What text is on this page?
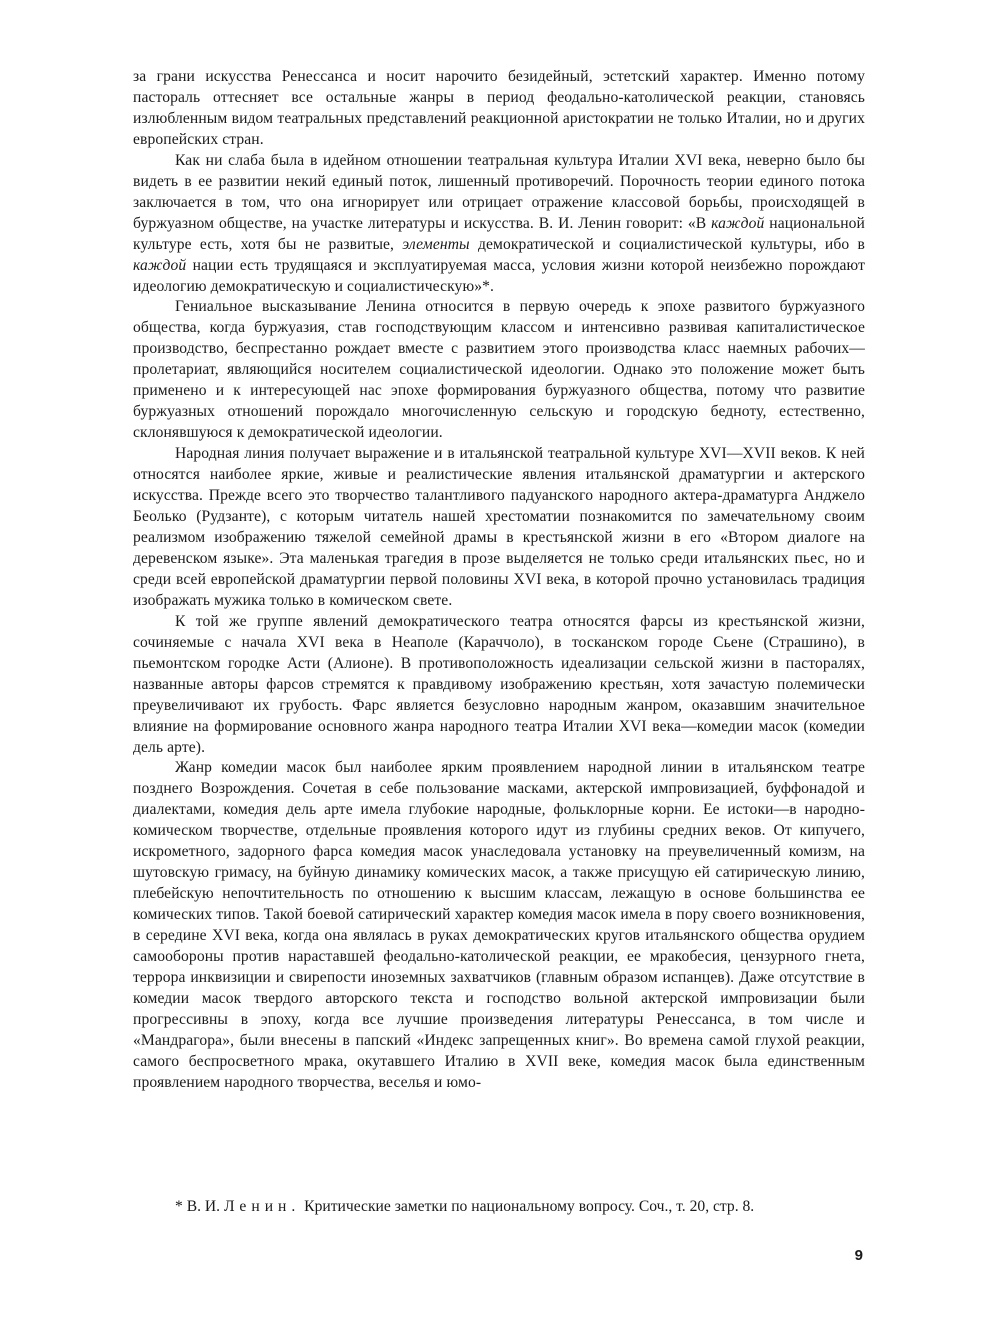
за грани искусства Ренессанса и носит нарочито безидейный, эстетский характер. Именно потому пастораль оттесняет все остальные жанры в период феодально-католической реакции, становясь излюбленным видом театральных представлений реакционной аристократии не только Италии, но и других европейских стран.

Как ни слаба была в идейном отношении театральная культура Италии XVI века, неверно было бы видеть в ее развитии некий единый поток, лишенный противоречий. Порочность теории единого потока заключается в том, что она игнорирует или отрицает отражение классовой борьбы, происходящей в буржуазном обществе, на участке литературы и искусства. В. И. Ленин говорит: «В каждой национальной культуре есть, хотя бы не развитые, элементы демократической и социалистической культуры, ибо в каждой нации есть трудящаяся и эксплуатируемая масса, условия жизни которой неизбежно порождают идеологию демократическую и социалистическую»*.

Гениальное высказывание Ленина относится в первую очередь к эпохе развитого буржуазного общества, когда буржуазия, став господствующим классом и интенсивно развивая капиталистическое производство, беспрестанно рождает вместе с развитием этого производства класс наемных рабочих—пролетариат, являющийся носителем социалистической идеологии. Однако это положение может быть применено и к интересующей нас эпохе формирования буржуазного общества, потому что развитие буржуазных отношений порождало многочисленную сельскую и городскую бедноту, естественно, склонявшуюся к демократической идеологии.

Народная линия получает выражение и в итальянской театральной культуре XVI—XVII веков. К ней относятся наиболее яркие, живые и реалистические явления итальянской драматургии и актерского искусства. Прежде всего это творчество талантливого падуанского народного актера-драматурга Анджело Беолько (Рудзанте), с которым читатель нашей хрестоматии познакомится по замечательному своим реализмом изображению тяжелой семейной драмы в крестьянской жизни в его «Втором диалоге на деревенском языке». Эта маленькая трагедия в прозе выделяется не только среди итальянских пьес, но и среди всей европейской драматургии первой половины XVI века, в которой прочно установилась традиция изображать мужика только в комическом свете.

К той же группе явлений демократического театра относятся фарсы из крестьянской жизни, сочиняемые с начала XVI века в Неаполе (Караччоло), в тосканском городе Сьене (Страшино), в пьемонтском городке Асти (Алионе). В противоположность идеализации сельской жизни в пасторалях, названные авторы фарсов стремятся к правдивому изображению крестьян, хотя зачастую полемически преувеличивают их грубость. Фарс является безусловно народным жанром, оказавшим значительное влияние на формирование основного жанра народного театра Италии XVI века—комедии масок (комедии дель арте).

Жанр комедии масок был наиболее ярким проявлением народной линии в итальянском театре позднего Возрождения. Сочетая в себе пользование масками, актерской импровизацией, буффонадой и диалектами, комедия дель арте имела глубокие народные, фольклорные корни. Ее истоки—в народно-комическом творчестве, отдельные проявления которого идут из глубины средних веков. От кипучего, искрометного, задорного фарса комедия масок унаследовала установку на преувеличенный комизм, на шутовскую гримасу, на буйную динамику комических масок, а также присущую ей сатирическую линию, плебейскую непочтительность по отношению к высшим классам, лежащую в основе большинства ее комических типов. Такой боевой сатирический характер комедия масок имела в пору своего возникновения, в середине XVI века, когда она являлась в руках демократических кругов итальянского общества орудием самообороны против нараставшей феодально-католической реакции, ее мракобесия, цензурного гнета, террора инквизиции и свирепости иноземных захватчиков (главным образом испанцев). Даже отсутствие в комедии масок твердого авторского текста и господство вольной актерской импровизации были прогрессивны в эпоху, когда все лучшие произведения литературы Ренессанса, в том числе и «Мандрагора», были внесены в папский «Индекс запрещенных книг». Во времена самой глухой реакции, самого беспросветного мрака, окутавшего Италию в XVII веке, комедия масок была единственным проявлением народного творчества, веселья и юмо-

* В. И. Ленин. Критические заметки по национальному вопросу. Соч., т. 20, стр. 8.
9
